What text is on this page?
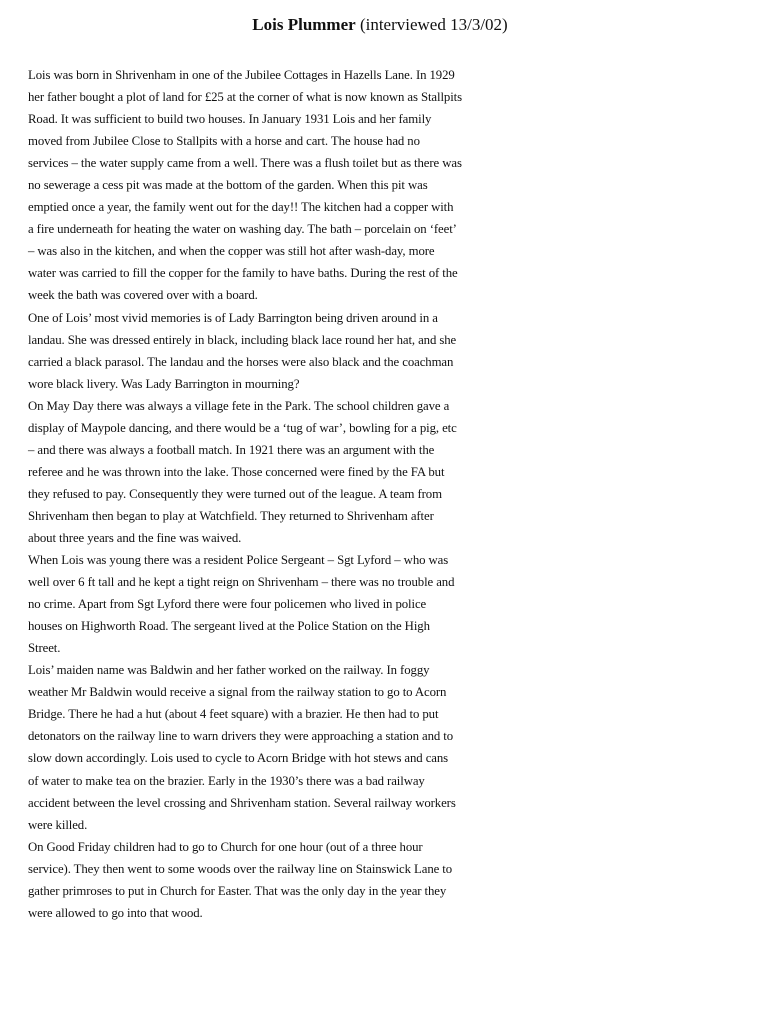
Lois Plummer (interviewed 13/3/02)
Lois was born in Shrivenham in one of the Jubilee Cottages in Hazells Lane. In 1929
her father bought a plot of land for £25 at the corner of what is now known as Stallpits
Road. It was sufficient to build two houses. In January 1931 Lois and her family
moved from Jubilee Close to Stallpits with a horse and cart. The house had no
services – the water supply came from a well. There was a flush toilet but as there was
no sewerage a cess pit was made at the bottom of the garden. When this pit was
emptied once a year, the family went out for the day!! The kitchen had a copper with
a fire underneath for heating the water on washing day. The bath – porcelain on ‘feet’
– was also in the kitchen, and when the copper was still hot after wash-day, more
water was carried to fill the copper for the family to have baths. During the rest of the
week the bath was covered over with a board.
One of Lois’ most vivid memories is of Lady Barrington being driven around in a
landau. She was dressed entirely in black, including black lace round her hat, and she
carried a black parasol. The landau and the horses were also black and the coachman
wore black livery. Was Lady Barrington in mourning?
On May Day there was always a village fete in the Park. The school children gave a
display of Maypole dancing, and there would be a ‘tug of war’, bowling for a pig, etc
– and there was always a football match. In 1921 there was an argument with the
referee and he was thrown into the lake. Those concerned were fined by the FA but
they refused to pay. Consequently they were turned out of the league. A team from
Shrivenham then began to play at Watchfield. They returned to Shrivenham after
about three years and the fine was waived.
When Lois was young there was a resident Police Sergeant – Sgt Lyford – who was
well over 6 ft tall and he kept a tight reign on Shrivenham – there was no trouble and
no crime. Apart from Sgt Lyford there were four policemen who lived in police
houses on Highworth Road. The sergeant lived at the Police Station on the High
Street.
Lois’ maiden name was Baldwin and her father worked on the railway. In foggy
weather Mr Baldwin would receive a signal from the railway station to go to Acorn
Bridge. There he had a hut (about 4 feet square) with a brazier. He then had to put
detonators on the railway line to warn drivers they were approaching a station and to
slow down accordingly. Lois used to cycle to Acorn Bridge with hot stews and cans
of water to make tea on the brazier. Early in the 1930’s there was a bad railway
accident between the level crossing and Shrivenham station. Several railway workers
were killed.
On Good Friday children had to go to Church for one hour (out of a three hour
service). They then went to some woods over the railway line on Stainswick Lane to
gather primroses to put in Church for Easter. That was the only day in the year they
were allowed to go into that wood.
